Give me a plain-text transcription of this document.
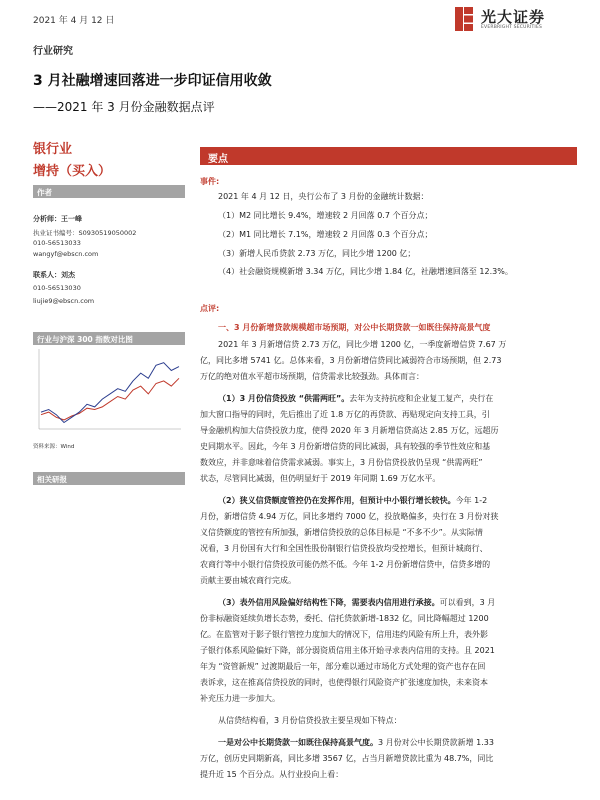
2021 年 4 月 12 日	光大证券
EVERBRIGHT SECURITIES
行业研究
3 月社融增速回落进一步印证信用收敛
——2021 年 3 月份金融数据点评
银行业
增持（买入）
作者
分析师：王一峰
执业证书编号：S0930519050002
010-56513033
wangyf@ebscn.com
联系人：刘杰
010-56513030
liujie9@ebscn.com
行业与沪深 300 指数对比图
资料来源：Wind
相关研报
要点
事件:
2021 年 4 月 12 日，央行公布了 3 月份的金融统计数据：
（1）M2 同比增长 9.4%，增速较 2 月回落 0.7 个百分点；
（2）M1 同比增长 7.1%，增速较 2 月回落 0.3 个百分点；
（3）新增人民币贷款 2.73 万亿，同比少增 1200 亿；
（4）社会融资规模新增 3.34 万亿，同比少增 1.84 亿，社融增速回落至 12.3%。
点评:
一、3 月份新增贷款规模超市场预期，对公中长期贷款一如既往保持高景气度
2021 年 3 月新增信贷 2.73 万亿，同比少增 1200 亿，一季度新增信贷 7.67 万
亿，同比多增 5741 亿。总体来看，3 月份新增信贷同比减弱符合市场预期，但 2.73
万亿的绝对值水平超市场预期，信贷需求比较强劲。具体而言：
（1）3 月份信贷投放 “供需两旺”。去年为支持抗疫和企业复工复产，央行在
加大窗口指导的同时，先后推出了近 1.8 万亿的再贷款、再贴现定向支持工具，引
导金融机构加大信贷投放力度，使得 2020 年 3 月新增信贷高达 2.85 万亿，远超历
史同期水平。因此，今年 3 月份新增信贷的同比减弱，具有较强的季节性效应和基
数效应，并非意味着信贷需求减弱。事实上，3 月份信贷投放仍呈现 “供需两旺”
状态，尽管同比减弱，但仍明显好于 2019 年同期 1.69 万亿水平。
（2）狭义信贷额度管控仍在发挥作用，但预计中小银行增长较快。今年 1-2
月份，新增信贷 4.94 万亿，同比多增约 7000 亿，投放略偏多，央行在 3 月份对狭
义信贷额度的管控有所加强，新增信贷投放的总体目标是 “不多不少”。从实际情
况看，3 月份国有大行和全国性股份制银行信贷投放均受控增长，但预计城商行、
农商行等中小银行信贷投放可能仍然不低。今年 1-2 月份新增信贷中，信贷多增的
贡献主要由城农商行完成。
（3）表外信用风险偏好结构性下降，需要表内信用进行承接。可以看到，3 月
份非标融资延续负增长态势，委托、信托贷款新增-1832 亿，同比降幅超过 1200
亿。在监管对于影子银行管控力度加大的情况下，信用违约风险有所上升，表外影
子银行体系风险偏好下降，部分弱资质信用主体开始寻求表内信用的支持。且 2021
年为 “资管新规” 过渡期最后一年，部分难以通过市场化方式处理的资产也存在回
表诉求，这在推高信贷投放的同时，也使得银行风险资产扩张速度加快，未来资本
补充压力进一步加大。
从信贷结构看，3 月份信贷投放主要呈现如下特点：
一是对公中长期贷款一如既往保持高景气度。3 月份对公中长期贷款新增 1.33
万亿，创历史同期新高，同比多增 3567 亿，占当月新增贷款比重为 48.7%，同比
提升近 15 个百分点。从行业投向上看：
